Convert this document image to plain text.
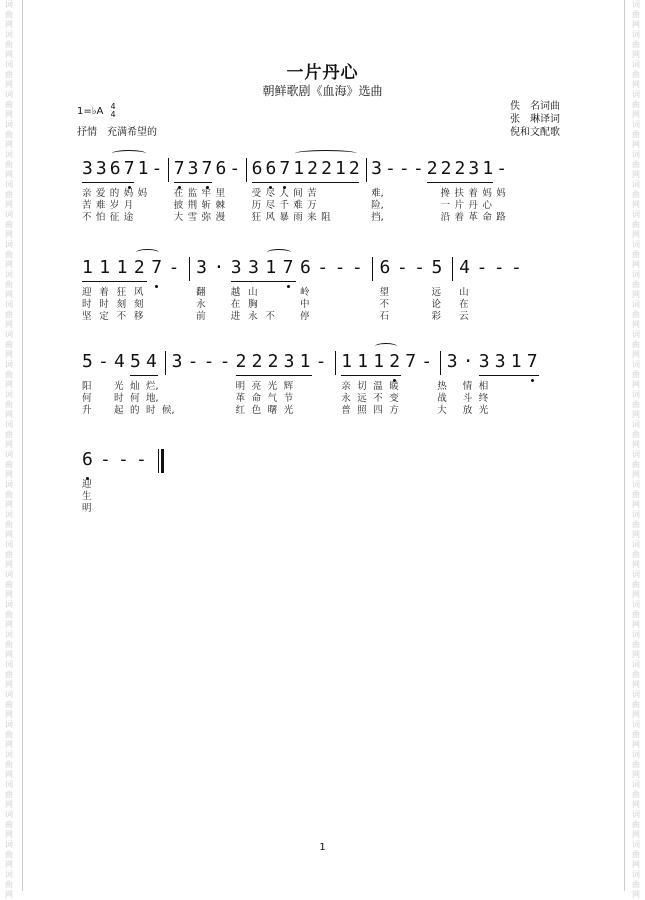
词
曲
网
词
曲
网
词
曲
网
词
曲
网
词
曲
网
词
曲
网
词
曲
网
词
曲
网
词
曲
网
词
曲
网
词
曲
网
词
曲
网
词
曲
网
词
曲
网
词
曲
网
词
曲
网
词
曲
网
词
曲
网
词
曲
网
词
曲
网
词
曲
网
词
曲
网
词
曲
网
词
曲
网
词
曲
网
词
曲
网
词
曲
网
词
曲
网
词
曲
网
词
曲
网
词
曲
网
词
曲
网
词
曲
网
词
曲
网
词
曲
网
词
曲
网
词
曲
网
词
曲
网
词
曲
网
词
曲
网
词
曲
网
词
曲
网
词
曲
网
词
曲
网
词
曲
网
词
曲
网
词
曲
网
词
曲
网
词
曲
网
词
曲
网
词
曲
网
词
曲
网
词
曲
网
词
曲
网
词
曲
网
词
曲
网
词
曲
网
词
曲
网
词
曲
网
词
曲
网
一片丹心
朝鲜歌剧《血海》选曲
1=♭A 4
4
抒情　充满希望的
佚　名词曲
张　琳译词
倪和文配歌
3 3 6 7 1 - 7 3 7 6 - 6 6 7 1 2 2 1 2 3 - - - 2 2 2 3 1 -
亲 爱 的 妈 妈	在 监 牢 里	受 尽 人 间 苦	难,	搀 扶 着 妈 妈
苦 难 岁 月	披 荆 斩 棘	历 尽 千 难 万	险,	一 片 丹 心
不 怕 征 途	大 雪 弥 漫	狂 风 暴 雨 来 阻	挡,	沿 着 革 命 路
1 1 1 2 7 - 3 · 3 3 1 7 6 - - - 6 - - 5 4 - - -
迎 着 狂 风	翻	越 山	岭	望	远 山
时 时 刻 刻	永	在 胸	中	不	论 在
坚 定 不 移	前	进 永 不	停	石	彩 云
5 - 4 5 4 3 - - - 2 2 2 3 1 - 1 1 1 2 7 - 3 · 3 3 1 7
阳 光 灿 烂,	明 亮 光 辉	亲 切 温 暖	热 情 相
何 时 何 地,	革 命 气 节	永 远 不 变	战 斗 终
升 起 的 时 候,	红 色 曙 光	普 照 四 方	大 放 光
6 - - -
迎
生
明
1
